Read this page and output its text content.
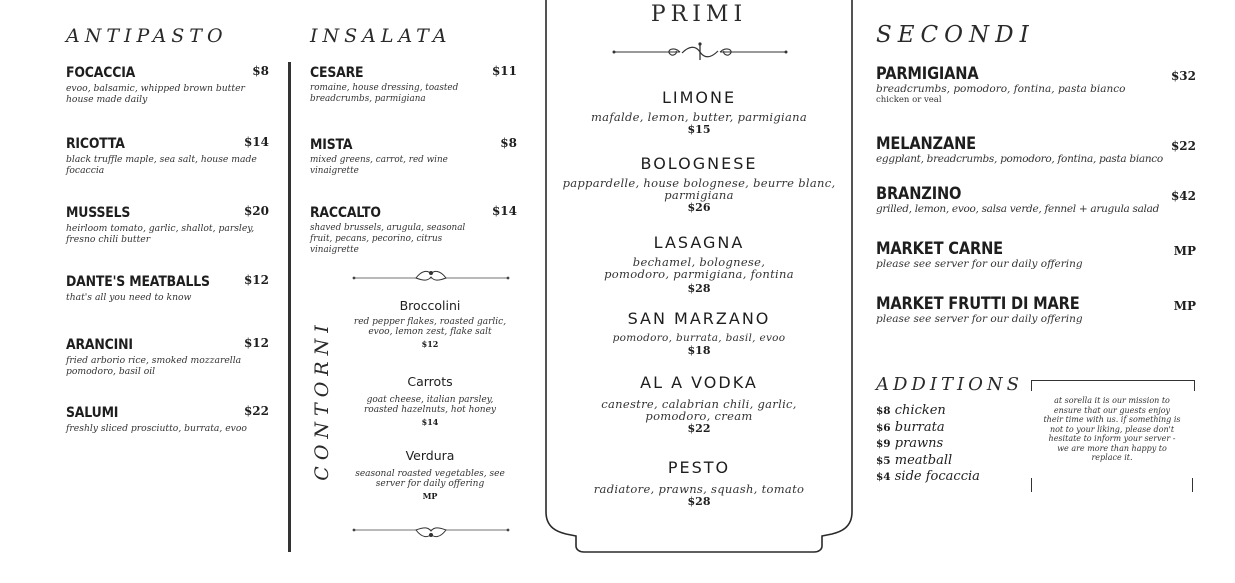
ANTIPASTO
FOCACCIA	$8
evoo, balsamic, whipped brown butter house made daily
RICOTTA	$14
black truffle maple, sea salt, house made focaccia
MUSSELS	$20
heirloom tomato, garlic, shallot, parsley, fresno chili butter
DANTE'S MEATBALLS	$12
that's all you need to know
ARANCINI	$12
fried arborio rice, smoked mozzarella pomodoro, basil oil
SALUMI	$22
freshly sliced prosciutto, burrata, evoo
INSALATA
CESARE	$11
romaine, house dressing, toasted breadcrumbs, parmigiana
MISTA	$8
mixed greens, carrot, red wine vinaigrette
RACCALTO	$14
shaved brussels, arugula, seasonal fruit, pecans, pecorino, citrus vinaigrette
CONTORNI
Broccolini
red pepper flakes, roasted garlic, evoo, lemon zest, flake salt
$12
Carrots
goat cheese, italian parsley, roasted hazelnuts, hot honey
$14
Verdura
seasonal roasted vegetables, see server for daily offering
MP
PRIMI
LIMONE
mafalde, lemon, butter, parmigiana
$15
BOLOGNESE
pappardelle, house bolognese, beurre blanc, parmigiana
$26
LASAGNA
bechamel, bolognese, pomodoro, parmigiana, fontina
$28
SAN MARZANO
pomodoro, burrata, basil, evoo
$18
AL A VODKA
canestre, calabrian chili, garlic, pomodoro, cream
$22
PESTO
radiatore, prawns, squash, tomato
$28
SECONDI
PARMIGIANA	$32
breadcrumbs, pomodoro, fontina, pasta bianco
chicken or veal
MELANZANE	$22
eggplant, breadcrumbs, pomodoro, fontina, pasta bianco
BRANZINO	$42
grilled, lemon, evoo, salsa verde, fennel + arugula salad
MARKET CARNE	MP
please see server for our daily offering
MARKET FRUTTI DI MARE	MP
please see server for our daily offering
ADDITIONS
$8 chicken
$6 burrata
$9 prawns
$5 meatball
$4 side focaccia
at sorella it is our mission to ensure that our guests enjoy their time with us. if something is not to your liking, please don't hesitate to inform your server - we are more than happy to replace it.
